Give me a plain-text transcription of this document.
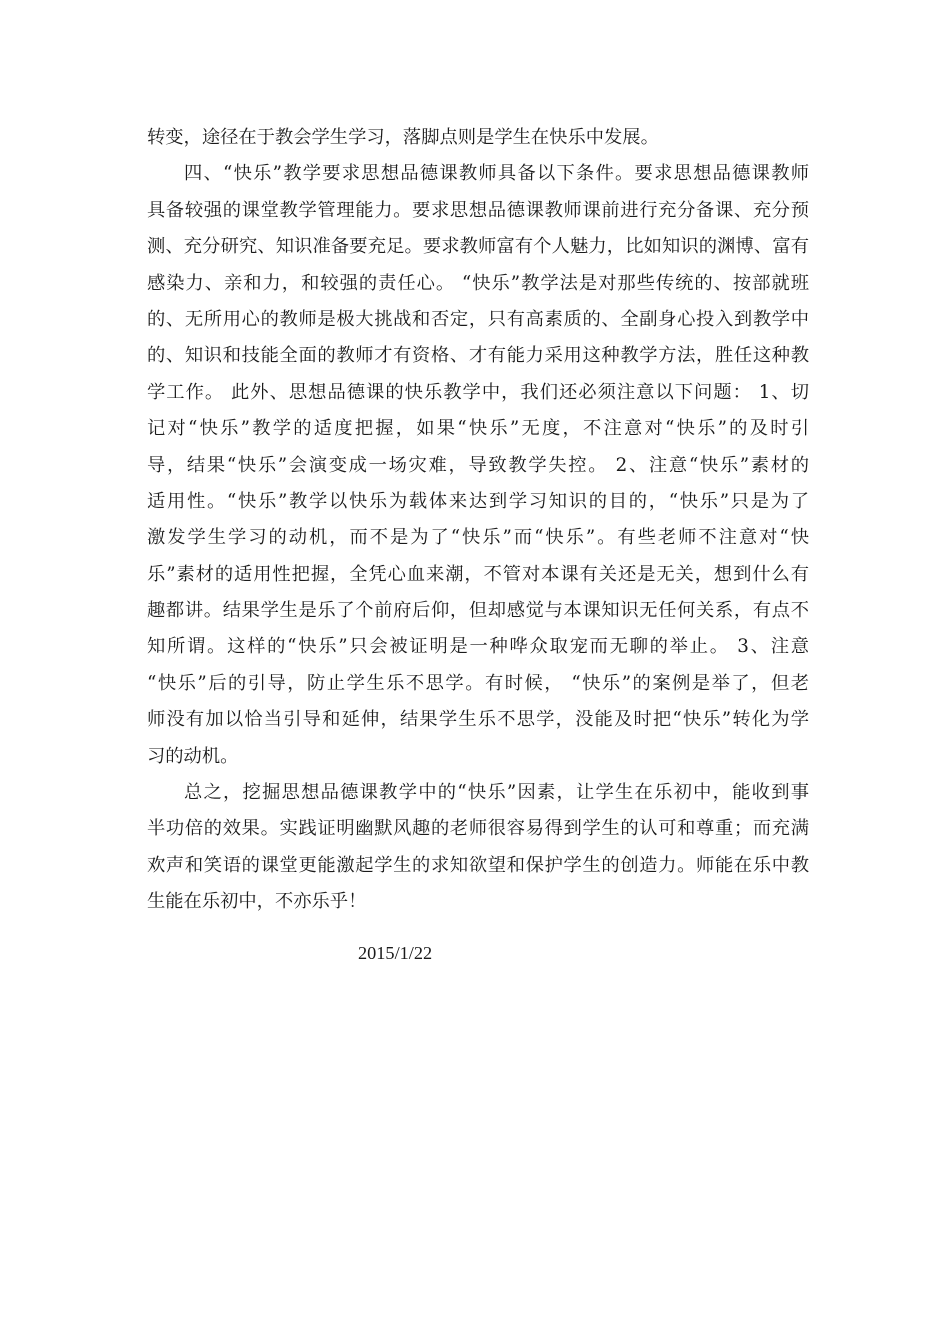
转变，途径在于教会学生学习，落脚点则是学生在快乐中发展。
四、“快乐”教学要求思想品德课教师具备以下条件。要求思想品德课教师
具备较强的课堂教学管理能力。要求思想品德课教师课前进行充分备课、充分预
测、充分研究、知识准备要充足。要求教师富有个人魅力，比如知识的渊博、富有
感染力、亲和力，和较强的责任心。 “快乐”教学法是对那些传统的、按部就班
的、无所用心的教师是极大挑战和否定，只有高素质的、全副身心投入到教学中
的、知识和技能全面的教师才有资格、才有能力采用这种教学方法，胜任这种教
学工作。 此外、思想品德课的快乐教学中，我们还必须注意以下问题： 1、切
记对“快乐”教学的适度把握，如果“快乐”无度，不注意对“快乐”的及时引
导，结果“快乐”会演变成一场灾难，导致教学失控。 2、注意“快乐”素材的
适用性。“快乐”教学以快乐为载体来达到学习知识的目的，“快乐”只是为了
激发学生学习的动机，而不是为了“快乐”而“快乐”。有些老师不注意对“快
乐”素材的适用性把握，全凭心血来潮，不管对本课有关还是无关，想到什么有
趣都讲。结果学生是乐了个前府后仰，但却感觉与本课知识无任何关系，有点不
知所谓。这样的“快乐”只会被证明是一种哗众取宠而无聊的举止。 3、注意
“快乐”后的引导，防止学生乐不思学。有时候， “快乐”的案例是举了，但老
师没有加以恰当引导和延伸，结果学生乐不思学，没能及时把“快乐”转化为学
习的动机。
总之，挖掘思想品德课教学中的“快乐”因素，让学生在乐初中，能收到事
半功倍的效果。实践证明幽默风趣的老师很容易得到学生的认可和尊重；而充满
欢声和笑语的课堂更能激起学生的求知欲望和保护学生的创造力。师能在乐中教
生能在乐初中，不亦乐乎！
2015/1/22
